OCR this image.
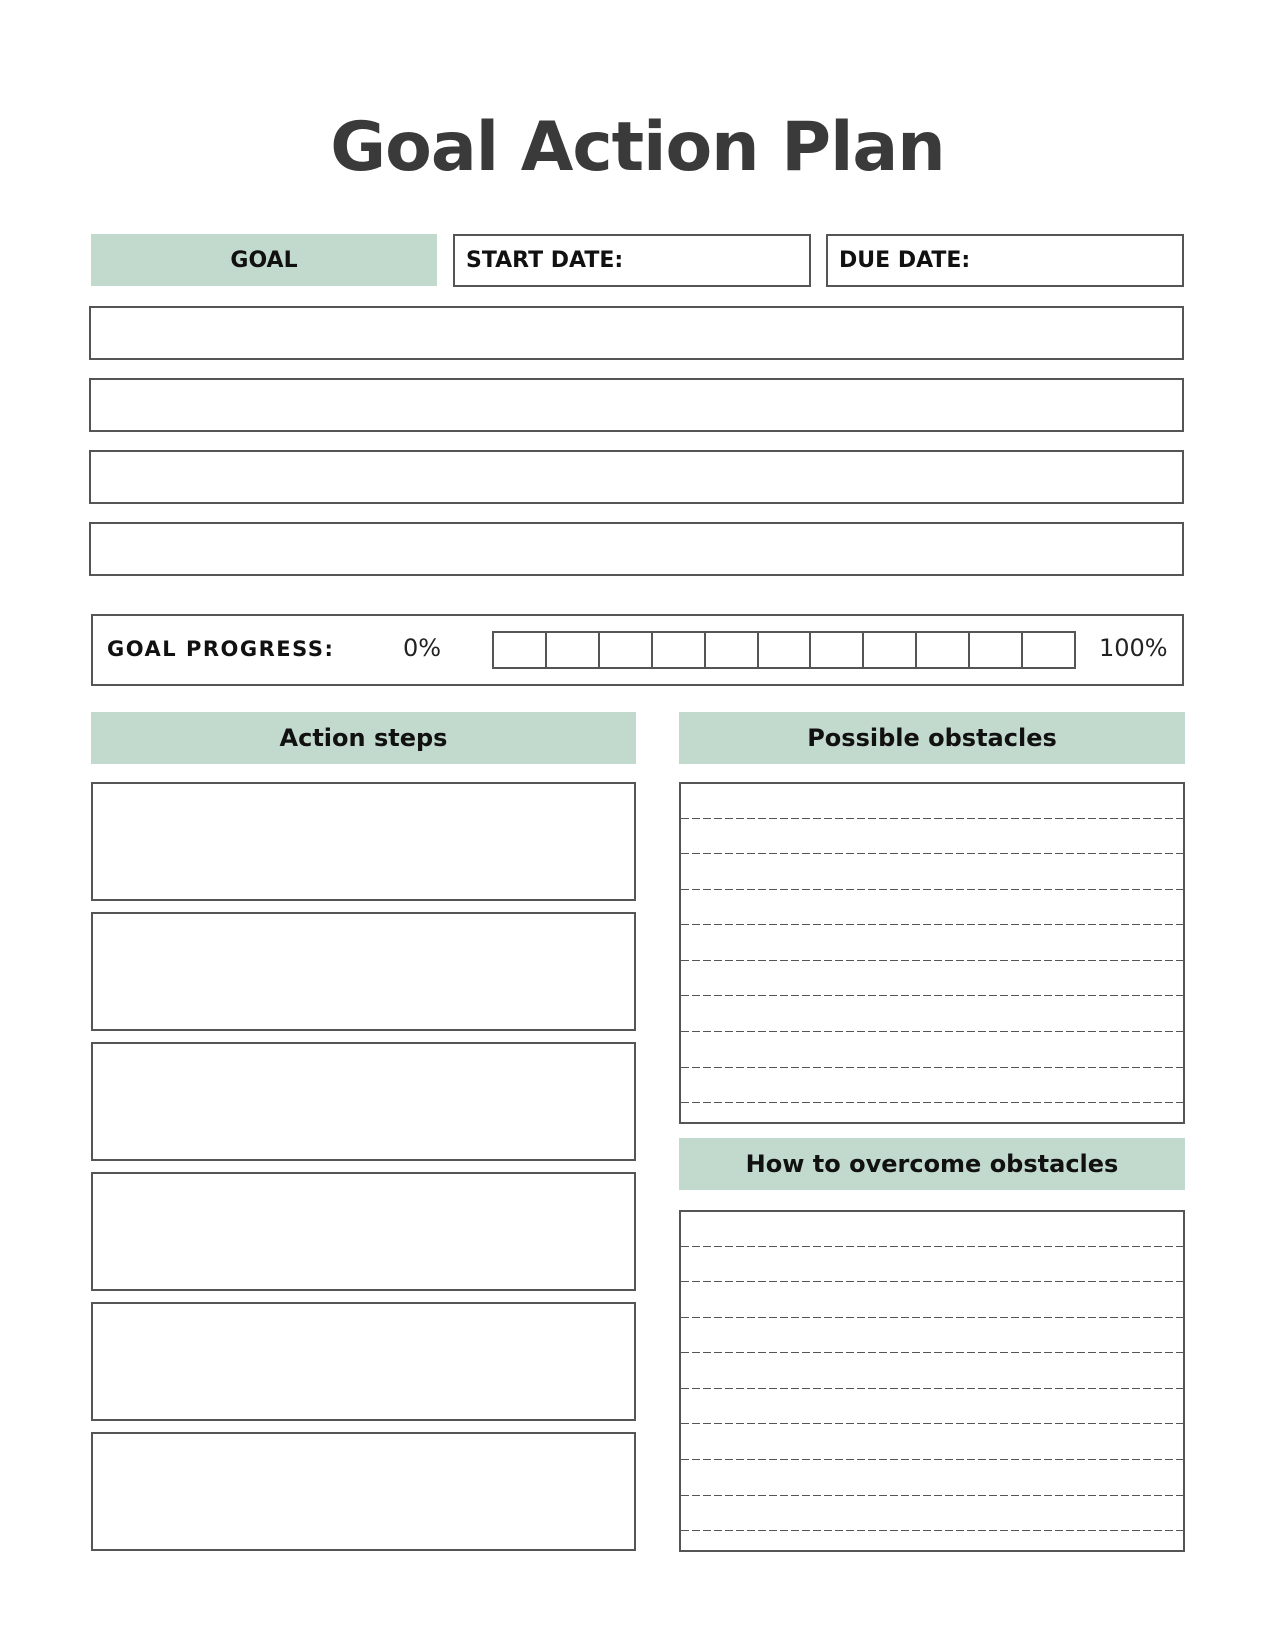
Goal Action Plan
GOAL	START DATE:	DUE DATE:
GOAL PROGRESS:	0%	100%
Action steps	Possible obstacles
How to overcome obstacles
